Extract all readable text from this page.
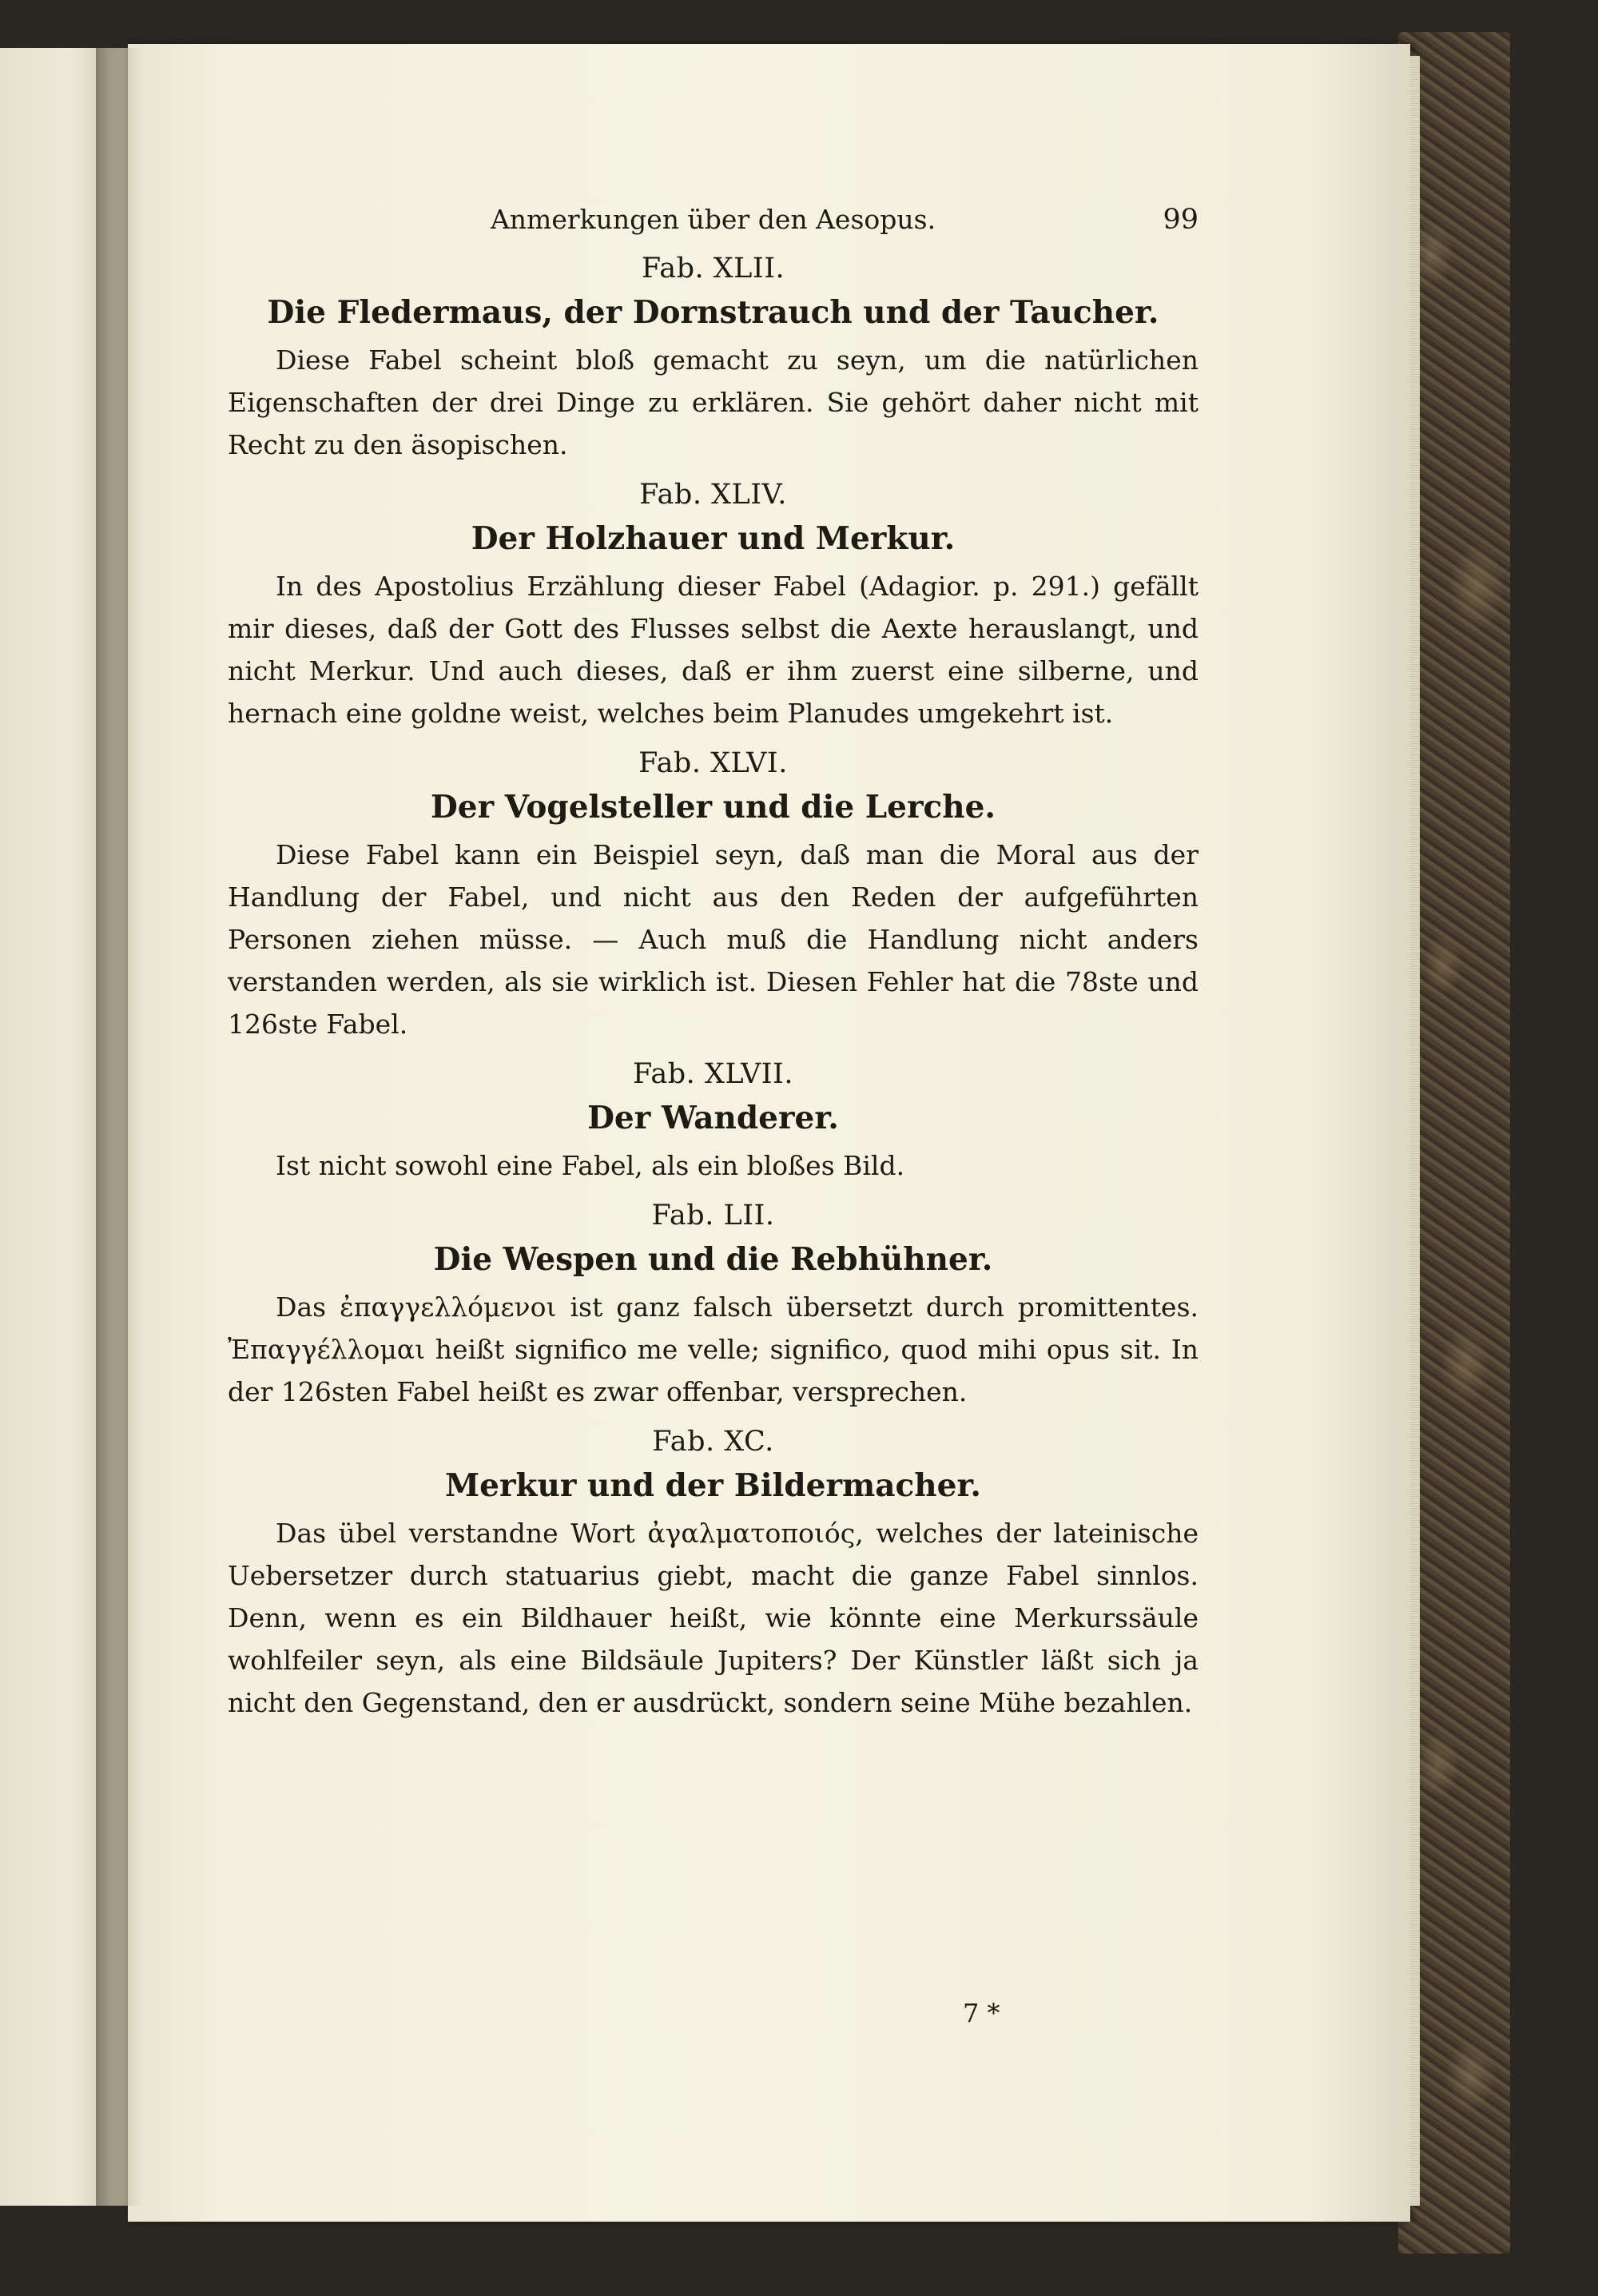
Anmerkungen über den Aesopus.	99
Fab. XLII.
Die Fledermaus, der Dornstrauch und der Taucher.

Diese Fabel scheint bloß gemacht zu seyn, um die natürlichen Eigenschaften der drei Dinge zu erklären. Sie gehört daher nicht mit Recht zu den äsopischen.

Fab. XLIV.
Der Holzhauer und Merkur.

In des Apostolius Erzählung dieser Fabel (Adagior. p. 291.) gefällt mir dieses, daß der Gott des Flusses selbst die Aexte herauslangt, und nicht Merkur. Und auch dieses, daß er ihm zuerst eine silberne, und hernach eine goldne weist, welches beim Planudes umgekehrt ist.

Fab. XLVI.
Der Vogelsteller und die Lerche.

Diese Fabel kann ein Beispiel seyn, daß man die Moral aus der Handlung der Fabel, und nicht aus den Reden der aufgeführten Personen ziehen müsse. — Auch muß die Handlung nicht anders verstanden werden, als sie wirklich ist. Diesen Fehler hat die 78ste und 126ste Fabel.

Fab. XLVII.
Der Wanderer.

Ist nicht sowohl eine Fabel, als ein bloßes Bild.

Fab. LII.
Die Wespen und die Rebhühner.

Das ἐπαγγελλόμενοι ist ganz falsch übersetzt durch promittentes. Ἐπαγγέλλομαι heißt significo me velle; significo, quod mihi opus sit. In der 126sten Fabel heißt es zwar offenbar, versprechen.

Fab. XC.
Merkur und der Bildermacher.

Das übel verstandne Wort ἀγαλματοποιός, welches der lateinische Uebersetzer durch statuarius giebt, macht die ganze Fabel sinnlos. Denn, wenn es ein Bildhauer heißt, wie könnte eine Merkurssäule wohlfeiler seyn, als eine Bildsäule Jupiters? Der Künstler läßt sich ja nicht den Gegenstand, den er ausdrückt, sondern seine Mühe bezahlen.

7 *
